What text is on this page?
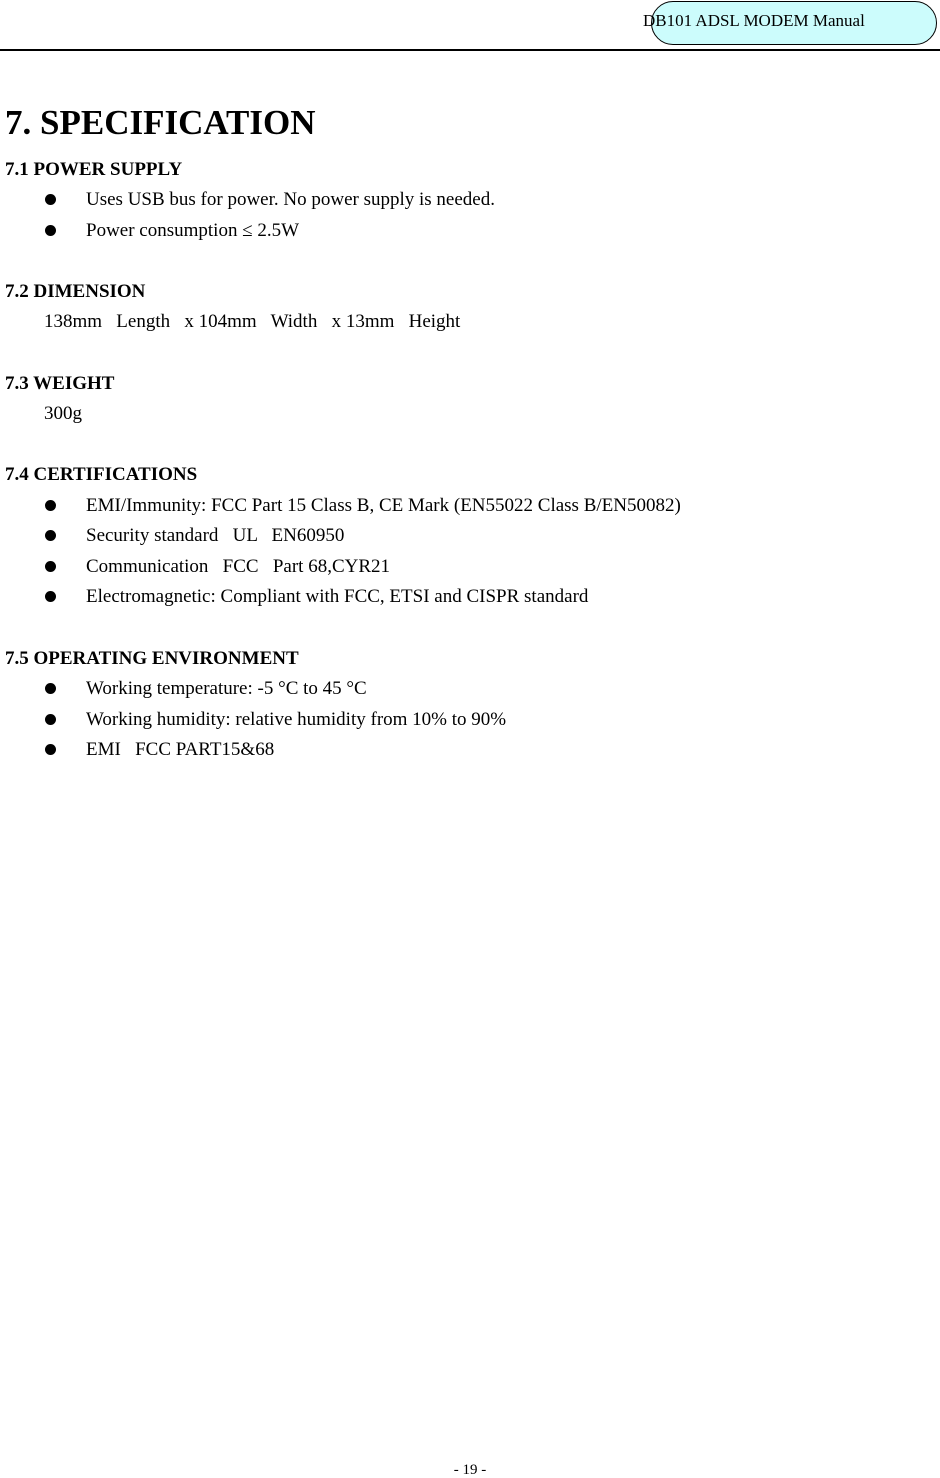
DB101 ADSL MODEM Manual
7. SPECIFICATION
7.1 POWER SUPPLY
Uses USB bus for power. No power supply is needed.
Power consumption ≤ 2.5W
7.2 DIMENSION
138mm   Length   x 104mm   Width   x 13mm   Height
7.3 WEIGHT
300g
7.4 CERTIFICATIONS
EMI/Immunity: FCC Part 15 Class B, CE Mark (EN55022 Class B/EN50082)
Security standard   UL   EN60950
Communication   FCC   Part 68,CYR21
Electromagnetic: Compliant with FCC, ETSI and CISPR standard
7.5 OPERATING ENVIRONMENT
Working temperature: -5 °C to 45 °C
Working humidity: relative humidity from 10% to 90%
EMI   FCC PART15&68
- 19 -
